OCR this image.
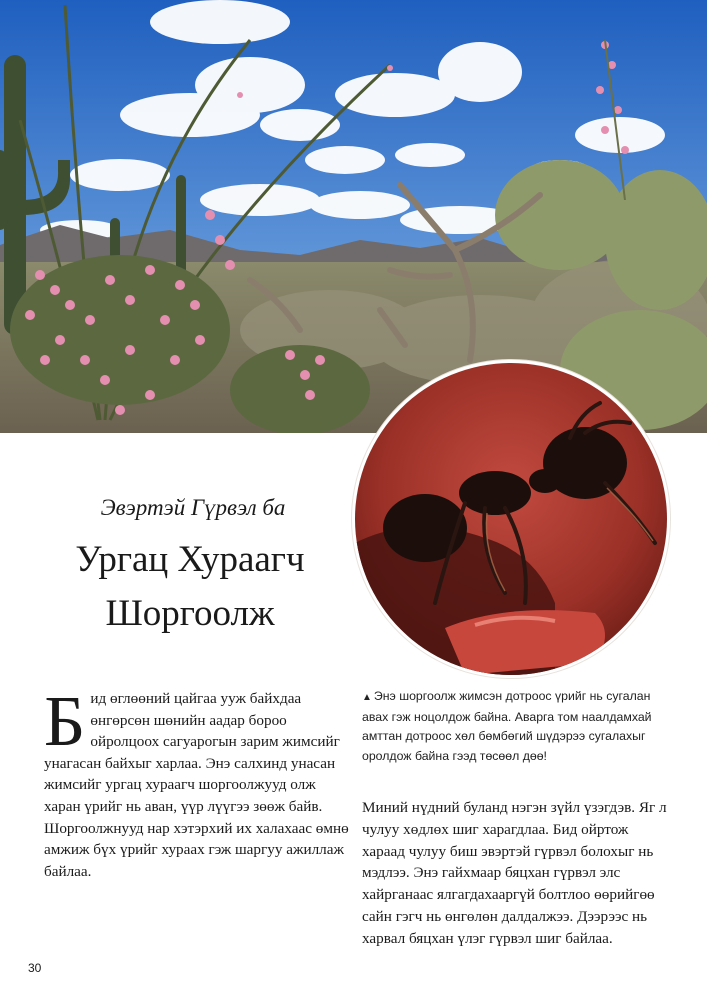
Эвэртэй Гүрвэл ба
Ургац Хураагч
Шоргоолж
Б ид өглөөний цайгаа ууж байхдаа өнгөрсөн шөнийн аадар бороо ойролцоох сагуарогын зарим жимсийг унагасан байхыг харлаа. Энэ салхинд унасан жимсийг ургац хураагч шоргоолжууд олж харан үрийг нь аван, үүр лүүгээ зөөж байв. Шоргоолжнууд нар хэтэрхий их халахаас өмнө амжиж бүх үрийг хураах гэж шаргуу ажиллаж байлаа.
▲ Энэ шоргоолж жимсэн дотроос үрийг нь сугалан авах гэж ноцолдож байна. Аварга том наалдамхай амттан дотроос хөл бөмбөгий шүдэрээ сугалахыг оролдож байна гээд төсөөл дөө!
Миний нүдний буланд нэгэн зүйл үзэгдэв. Яг л чулуу хөдлөх шиг харагдлаа. Бид ойртож хараад чулуу биш эвэртэй гүрвэл болохыг нь мэдлээ. Энэ гайхмаар бяцхан гүрвэл элс хайрганаас ялгагдахааргүй болтлоо өөрийгөө сайн гэгч нь өнгөлөн далдалжээ. Дээрээс нь харвал бяцхан үлэг гүрвэл шиг байлаа.
30
